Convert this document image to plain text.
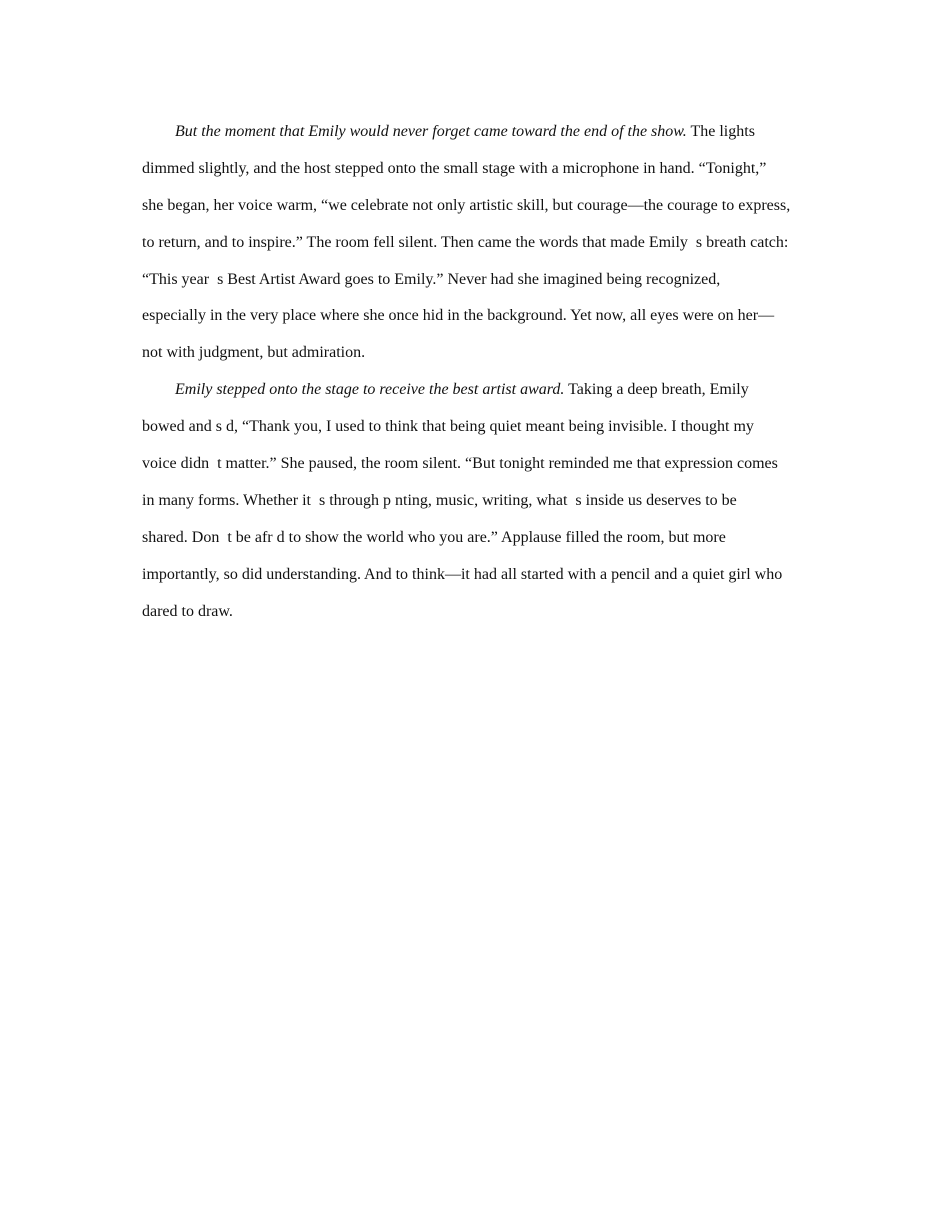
But the moment that Emily would never forget came toward the end of the show. The lights
dimmed slightly, and the host stepped onto the small stage with a microphone in hand. “Tonight,”
she began, her voice warm, “we celebrate not only artistic skill, but courage—the courage to express,
to return, and to inspire.” The room fell silent. Then came the words that made Emily  s breath catch:
“This year  s Best Artist Award goes to Emily.” Never had she imagined being recognized,
especially in the very place where she once hid in the background. Yet now, all eyes were on her—
not with judgment, but admiration.
Emily stepped onto the stage to receive the best artist award. Taking a deep breath, Emily
bowed and s d, “Thank you, I used to think that being quiet meant being invisible. I thought my
voice didn  t matter.” She paused, the room silent. “But tonight reminded me that expression comes
in many forms. Whether it  s through p nting, music, writing, what  s inside us deserves to be
shared. Don  t be afr d to show the world who you are.” Applause filled the room, but more
importantly, so did understanding. And to think—it had all started with a pencil and a quiet girl who
dared to draw.
